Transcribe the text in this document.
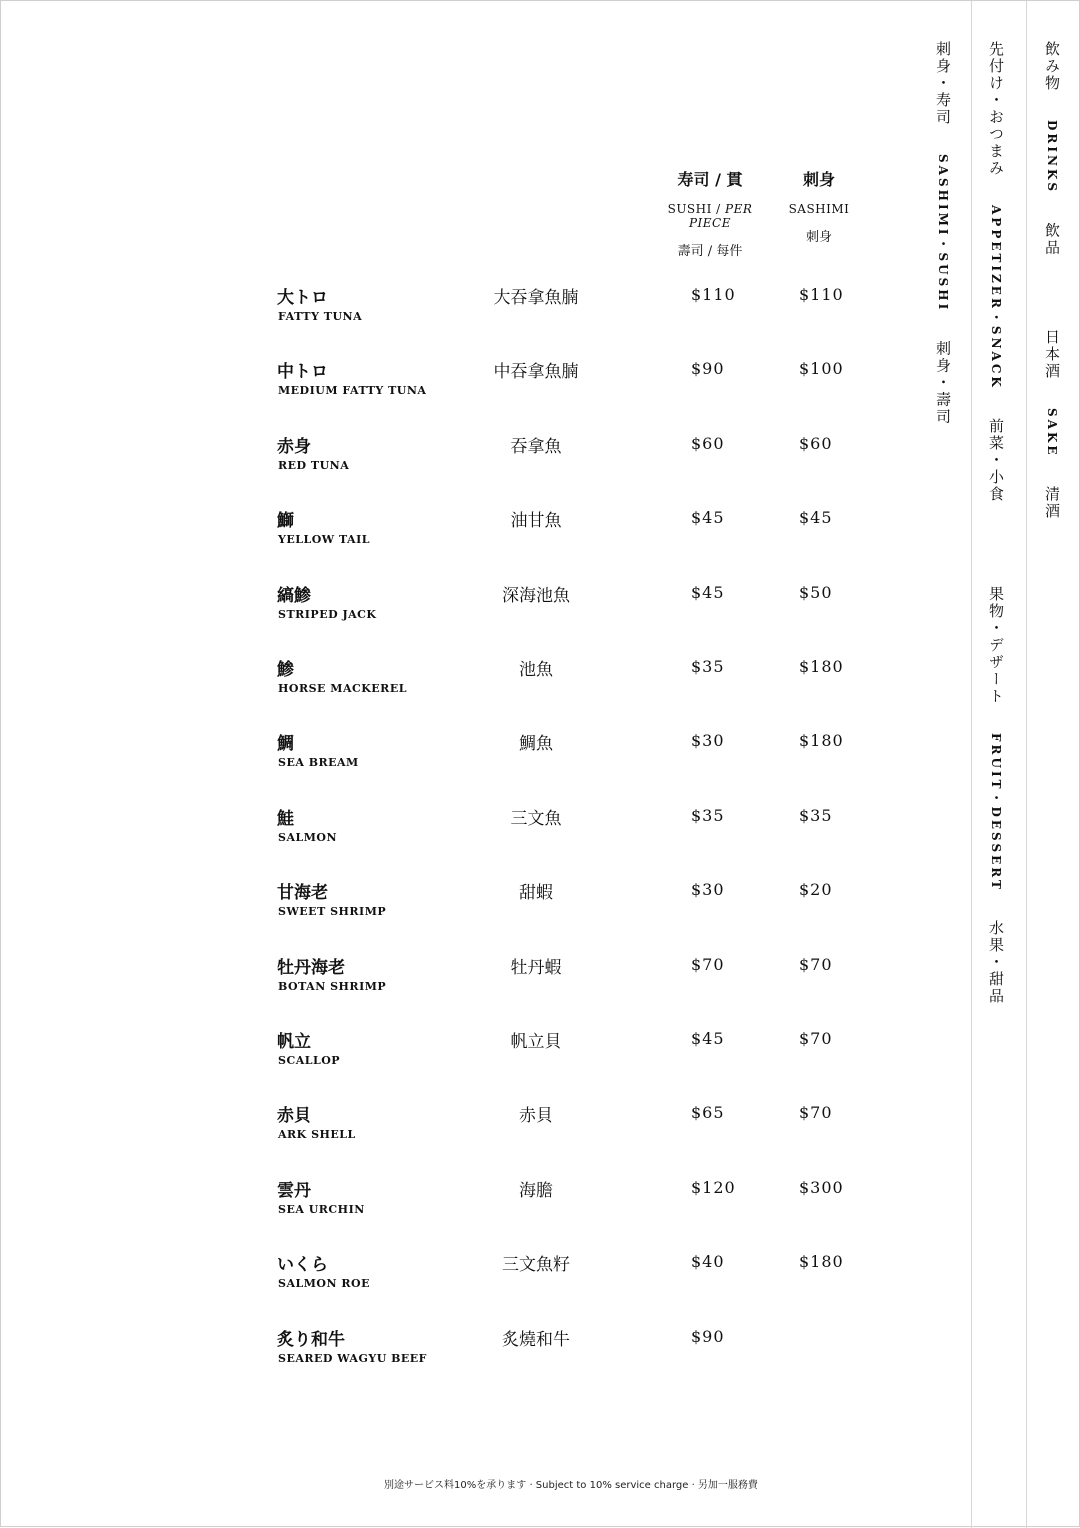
刺身・寿司SASHIMI・SUSHI刺身・壽司
先付け・おつまみAPPETIZER・SNACK前菜・小食
果物・デザートFRUIT・DESSERT水果・甜品
飲み物DRINKS飲品
日本酒SAKE清酒
寿司 / 貫
SUSHI / PER PIECE
壽司 / 每件
刺身
SASHIMI
刺身
大トロ
FATTY TUNA
大吞拿魚腩	$110	$110
中トロ
MEDIUM FATTY TUNA
中吞拿魚腩	$90	$100
赤身
RED TUNA
吞拿魚	$60	$60
鰤
YELLOW TAIL
油甘魚	$45	$45
縞鯵
STRIPED JACK
深海池魚	$45	$50
鯵
HORSE MACKEREL
池魚	$35	$180
鯛
SEA BREAM
鯛魚	$30	$180
鮭
SALMON
三文魚	$35	$35
甘海老
SWEET SHRIMP
甜蝦	$30	$20
牡丹海老
BOTAN SHRIMP
牡丹蝦	$70	$70
帆立
SCALLOP
帆立貝	$45	$70
赤貝
ARK SHELL
赤貝	$65	$70
雲丹
SEA URCHIN
海膽	$120	$300
いくら
SALMON ROE
三文魚籽	$40	$180
炙り和牛
SEARED WAGYU BEEF
炙燒和牛	$90
別途サービス料10%を承ります · Subject to 10% service charge · 另加一服務費
